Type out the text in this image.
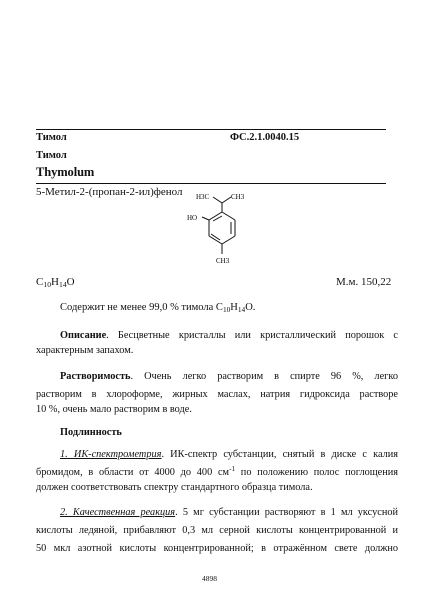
Тимол	ФС.2.1.0040.15
Тимол
Thymolum
5-Метил-2-(пропан-2-ил)фенол H3C	CH3
HO
CH3
$C_{10}H_{14}O$	М.м. 150,22
Содержит не менее 99,0 % тимола $С_{10}Н_{14}О$.
Описание. Бесцветные кристаллы или кристаллический порошок с
характерным запахом.
Растворимость. Очень легко растворим в спирте 96 %, легко
растворим в хлороформе, жирных маслах, натрия гидроксида растворе
10 %, очень мало растворим в воде.
Подлинность
1. ИК-спектрометрия. ИК-спектр субстанции, снятый в диске с калия
бромидом, в области от 4000 до 400 $см^{-1}$ по положению полос поглощения
должен соответствовать спектру стандартного образца тимола.
2. Качественная реакция. 5 мг субстанции растворяют в 1 мл уксусной
кислоты ледяной, прибавляют 0,3 мл серной кислоты концентрированной и
50 мкл азотной кислоты концентрированной; в отражённом свете должно
4898
